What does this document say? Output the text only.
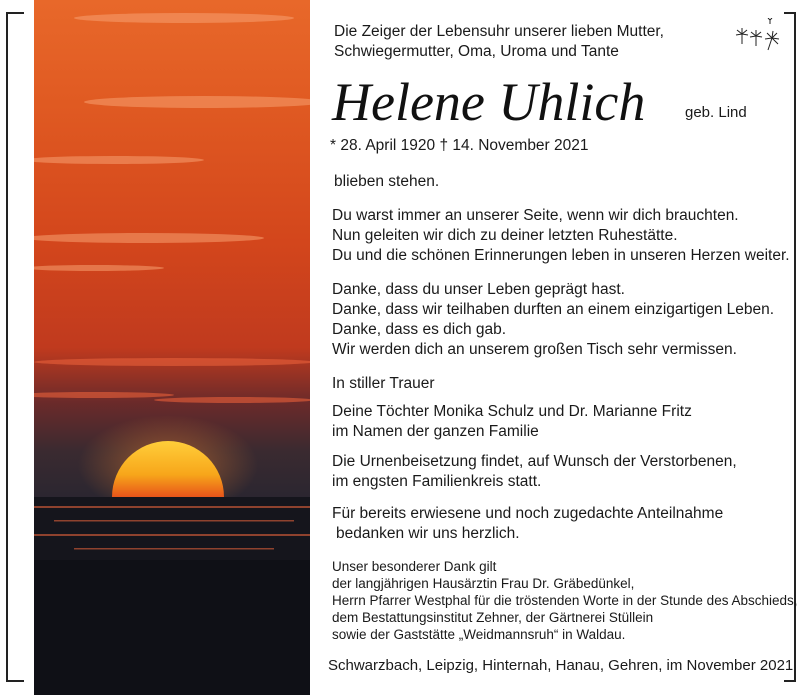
Die Zeiger der Lebensuhr unserer lieben Mutter,
Schwiegermutter, Oma, Uroma und Tante
Helene Uhlich	geb. Lind
* 28. April 1920 † 14. November 2021
blieben stehen.
Du warst immer an unserer Seite, wenn wir dich brauchten.
Nun geleiten wir dich zu deiner letzten Ruhestätte.
Du und die schönen Erinnerungen leben in unseren Herzen weiter.
Danke, dass du unser Leben geprägt hast.
Danke, dass wir teilhaben durften an einem einzigartigen Leben.
Danke, dass es dich gab.
Wir werden dich an unserem großen Tisch sehr vermissen.
In stiller Trauer
Deine Töchter Monika Schulz und Dr. Marianne Fritz
im Namen der ganzen Familie
Die Urnenbeisetzung findet, auf Wunsch der Verstorbenen,
im engsten Familienkreis statt.
Für bereits erwiesene und noch zugedachte Anteilnahme
bedanken wir uns herzlich.
Unser besonderer Dank gilt
der langjährigen Hausärztin Frau Dr. Gräbedünkel,
Herrn Pfarrer Westphal für die tröstenden Worte in der Stunde des Abschieds,
dem Bestattungsinstitut Zehner, der Gärtnerei Stüllein
sowie der Gaststätte „Weidmannsruh“ in Waldau.
Schwarzbach, Leipzig, Hinternah, Hanau, Gehren, im November 2021
